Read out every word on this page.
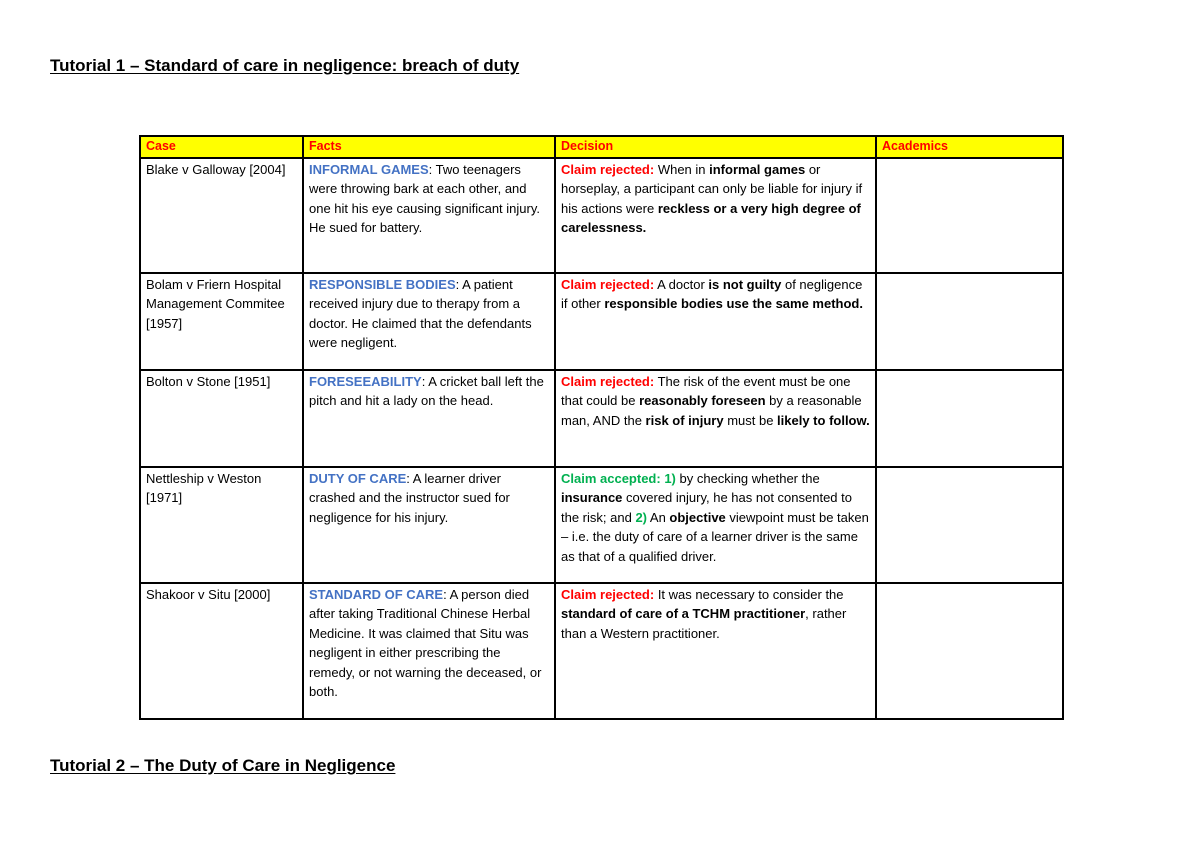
Tutorial 1 – Standard of care in negligence: breach of duty
Case	Facts	Decision	Academics
Blake v Galloway [2004]	INFORMAL GAMES: Two teenagers were throwing bark at each other, and one hit his eye causing significant injury. He sued for battery.	Claim rejected: When in informal games or horseplay, a participant can only be liable for injury if his actions were reckless or a very high degree of carelessness.	
Bolam v Friern Hospital Management Commitee [1957]	RESPONSIBLE BODIES: A patient received injury due to therapy from a doctor. He claimed that the defendants were negligent.	Claim rejected: A doctor is not guilty of negligence if other responsible bodies use the same method.	
Bolton v Stone [1951]	FORESEEABILITY: A cricket ball left the pitch and hit a lady on the head.	Claim rejected: The risk of the event must be one that could be reasonably foreseen by a reasonable man, AND the risk of injury must be likely to follow.	
Nettleship v Weston [1971]	DUTY OF CARE: A learner driver crashed and the instructor sued for negligence for his injury.	Claim accepted: 1) by checking whether the insurance covered injury, he has not consented to the risk; and 2) An objective viewpoint must be taken – i.e. the duty of care of a learner driver is the same as that of a qualified driver.	
Shakoor v Situ [2000]	STANDARD OF CARE: A person died after taking Traditional Chinese Herbal Medicine. It was claimed that Situ was negligent in either prescribing the remedy, or not warning the deceased, or both.	Claim rejected: It was necessary to consider the standard of care of a TCHM practitioner, rather than a Western practitioner.	
Tutorial 2 – The Duty of Care in Negligence
